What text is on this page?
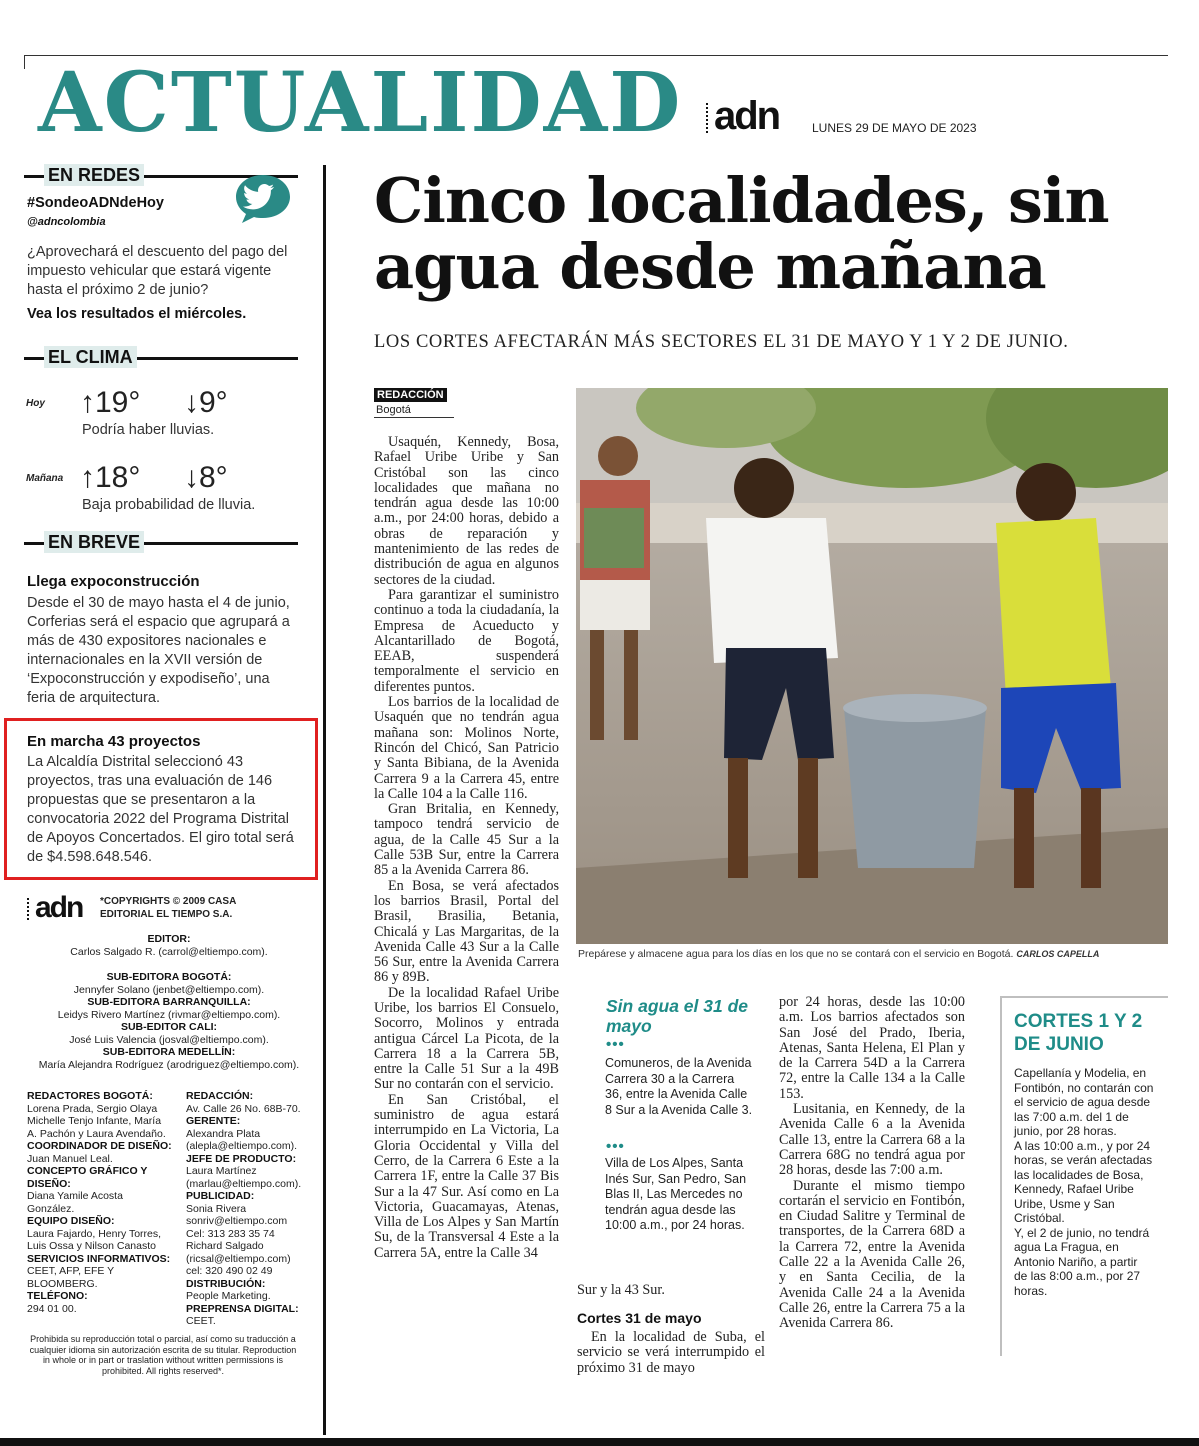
ACTUALIDAD adn	LUNES 29 DE MAYO DE 2023
EN REDES
#SondeoADNdeHoy
@adncolombia
¿Aprovechará el descuento del pago del impuesto vehicular que estará vigente hasta el próximo 2 de junio?
Vea los resultados el miércoles.
EL CLIMA
Hoy ↑19° ↓9°
Podría haber lluvias.
Mañana ↑18° ↓8°
Baja probabilidad de lluvia.
EN BREVE
Llega expoconstrucción
Desde el 30 de mayo hasta el 4 de junio, Corferias será el espacio que agrupará a más de 430 expositores nacionales e internacionales en la XVII versión de ‘Expoconstrucción y expodiseño’, una feria de arquitectura.
En marcha 43 proyectos
La Alcaldía Distrital seleccionó 43 proyectos, tras una evaluación de 146 propuestas que se presentaron a la convocatoria 2022 del Programa Distrital de Apoyos Concertados. El giro total será de $4.598.648.546.
adn *COPYRIGHTS © 2009 CASA EDITORIAL EL TIEMPO S.A.
EDITOR:
Carlos Salgado R. (carrol@eltiempo.com).
SUB-EDITORA BOGOTÁ:
Jennyfer Solano (jenbet@eltiempo.com).
SUB-EDITORA BARRANQUILLA:
Leidys Rivero Martínez (rivmar@eltiempo.com).
SUB-EDITOR CALI:
José Luis Valencia (josval@eltiempo.com).
SUB-EDITORA MEDELLÍN:
María Alejandra Rodríguez (arodriguez@eltiempo.com).
REDACTORES BOGOTÁ:
Lorena Prada, Sergio Olaya Michelle Tenjo Infante, María A. Pachón y Laura Avendaño.
COORDINADOR DE DISEÑO:
Juan Manuel Leal.
CONCEPTO GRÁFICO Y DISEÑO:
Diana Yamile Acosta González.
EQUIPO DISEÑO:
Laura Fajardo, Henry Torres, Luis Ossa y Nilson Canasto
SERVICIOS INFORMATIVOS:
CEET, AFP, EFE Y BLOOMBERG.
TELÉFONO:
294 01 00.
REDACCIÓN:
Av. Calle 26 No. 68B-70.
GERENTE:
Alexandra Plata (alepla@eltiempo.com).
JEFE DE PRODUCTO:
Laura Martínez (marlau@eltiempo.com).
PUBLICIDAD:
Sonia Rivera sonriv@eltiempo.com Cel: 313 283 35 74 Richard Salgado (ricsal@eltiempo.com) cel: 320 490 02 49
DISTRIBUCIÓN:
People Marketing.
PREPRENSA DIGITAL:
CEET.
Prohibida su reproducción total o parcial, así como su traducción a cualquier idioma sin autorización escrita de su titular. Reproduction in whole or in part or traslation without written permissions is prohibited. All rights reserved*.
Cinco localidades, sin agua desde mañana
LOS CORTES AFECTARÁN MÁS SECTORES EL 31 DE MAYO Y 1 Y 2 DE JUNIO.
REDACCIÓN
Bogotá

Usaquén, Kennedy, Bosa, Rafael Uribe Uribe y San Cristóbal son las cinco localidades que mañana no tendrán agua desde las 10:00 a.m., por 24:00 horas, debido a obras de reparación y mantenimiento de las redes de distribución de agua en algunos sectores de la ciudad.

Para garantizar el suministro continuo a toda la ciudadanía, la Empresa de Acueducto y Alcantarillado de Bogotá, EEAB, suspenderá temporalmente el servicio en diferentes puntos.

Los barrios de la localidad de Usaquén que no tendrán agua mañana son: Molinos Norte, Rincón del Chicó, San Patricio y Santa Bibiana, de la Avenida Carrera 9 a la Carrera 45, entre la Calle 104 a la Calle 116.

Gran Britalia, en Kennedy, tampoco tendrá servicio de agua, de la Calle 45 Sur a la Calle 53B Sur, entre la Carrera 85 a la Avenida Carrera 86.

En Bosa, se verá afectados los barrios Brasil, Portal del Brasil, Brasilia, Betania, Chicalá y Las Margaritas, de la Avenida Calle 43 Sur a la Calle 56 Sur, entre la Avenida Carrera 86 y 89B.

De la localidad Rafael Uribe Uribe, los barrios El Consuelo, Socorro, Molinos y entrada antigua Cárcel La Picota, de la Carrera 18 a la Carrera 5B, entre la Calle 51 Sur a la 49B Sur no contarán con el servicio.

En San Cristóbal, el suministro de agua estará interrumpido en La Victoria, La Gloria Occidental y Villa del Cerro, de la Carrera 6 Este a la Carrera 1F, entre la Calle 37 Bis Sur a la 47 Sur. Así como en La Victoria, Guacamayas, Atenas, Villa de Los Alpes y San Martín Su, de la Transversal 4 Este a la Carrera 5A, entre la Calle 34

Prepárese y almacene agua para los días en los que no se contará con el servicio en Bogotá. CARLOS CAPELLA
Sin agua el 31 de mayo
•••
Comuneros, de la Avenida Carrera 30 a la Carrera 36, entre la Avenida Calle 8 Sur a la Avenida Calle 3.
•••
Villa de Los Alpes, Santa Inés Sur, San Pedro, San Blas II, Las Mercedes no tendrán agua desde las 10:00 a.m., por 24 horas.
Sur y la 43 Sur.
Cortes 31 de mayo

En la localidad de Suba, el servicio se verá interrumpido el próximo 31 de mayo

por 24 horas, desde las 10:00 a.m. Los barrios afectados son San José del Prado, Iberia, Atenas, Santa Helena, El Plan y de la Carrera 54D a la Carrera 72, entre la Calle 134 a la Calle 153.

Lusitania, en Kennedy, de la Avenida Calle 6 a la Avenida Calle 13, entre la Carrera 68 a la Carrera 68G no tendrá agua por 28 horas, desde las 7:00 a.m.

Durante el mismo tiempo cortarán el servicio en Fontibón, en Ciudad Salitre y Terminal de transportes, de la Carrera 68D a la Carrera 72, entre la Avenida Calle 22 a la Avenida Calle 26, y en Santa Cecilia, de la Avenida Calle 24 a la Avenida Calle 26, entre la Carrera 75 a la Avenida Carrera 86.

CORTES 1 Y 2 DE JUNIO
Capellanía y Modelia, en Fontibón, no contarán con el servicio de agua desde las 7:00 a.m. del 1 de junio, por 28 horas.
A las 10:00 a.m., y por 24 horas, se verán afectadas las localidades de Bosa, Kennedy, Rafael Uribe Uribe, Usme y San Cristóbal.
Y, el 2 de junio, no tendrá agua La Fragua, en Antonio Nariño, a partir de las 8:00 a.m., por 27 horas.
